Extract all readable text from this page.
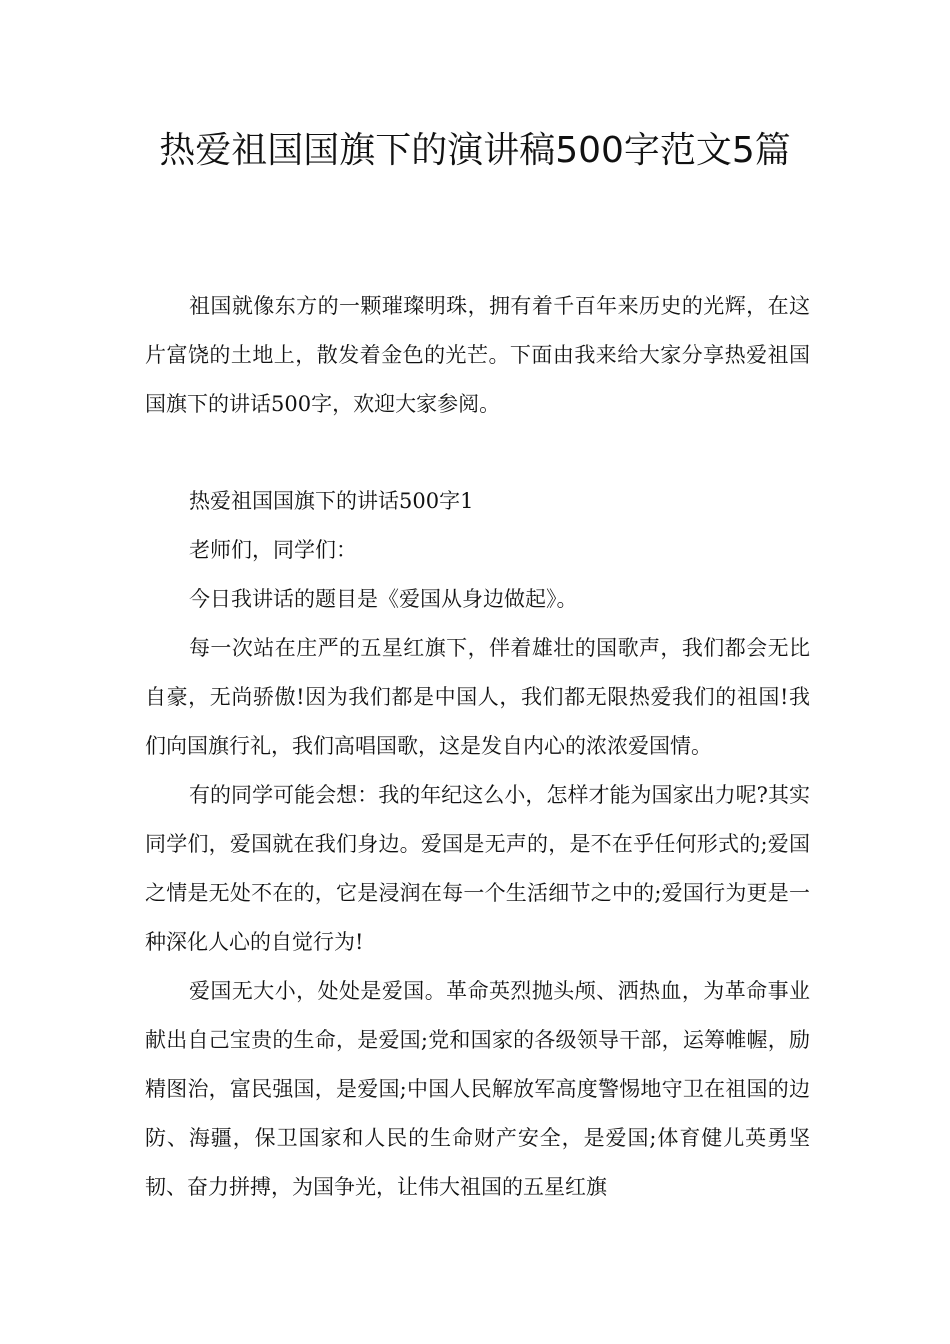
热爱祖国国旗下的演讲稿500字范文5篇

祖国就像东方的一颗璀璨明珠，拥有着千百年来历史的光辉，在这片富饶的土地上，散发着金色的光芒。下面由我来给大家分享热爱祖国国旗下的讲话500字，欢迎大家参阅。

热爱祖国国旗下的讲话500字1

老师们，同学们：

今日我讲话的题目是《爱国从身边做起》。

每一次站在庄严的五星红旗下，伴着雄壮的国歌声，我们都会无比自豪，无尚骄傲!因为我们都是中国人，我们都无限热爱我们的祖国!我们向国旗行礼，我们高唱国歌，这是发自内心的浓浓爱国情。

有的同学可能会想：我的年纪这么小，怎样才能为国家出力呢?其实同学们，爱国就在我们身边。爱国是无声的，是不在乎任何形式的;爱国之情是无处不在的，它是浸润在每一个生活细节之中的;爱国行为更是一种深化人心的自觉行为!

爱国无大小，处处是爱国。革命英烈抛头颅、洒热血，为革命事业献出自己宝贵的生命，是爱国;党和国家的各级领导干部，运筹帷幄，励精图治，富民强国，是爱国;中国人民解放军高度警惕地守卫在祖国的边防、海疆，保卫国家和人民的生命财产安全，是爱国;体育健儿英勇坚韧、奋力拼搏，为国争光，让伟大祖国的五星红旗
